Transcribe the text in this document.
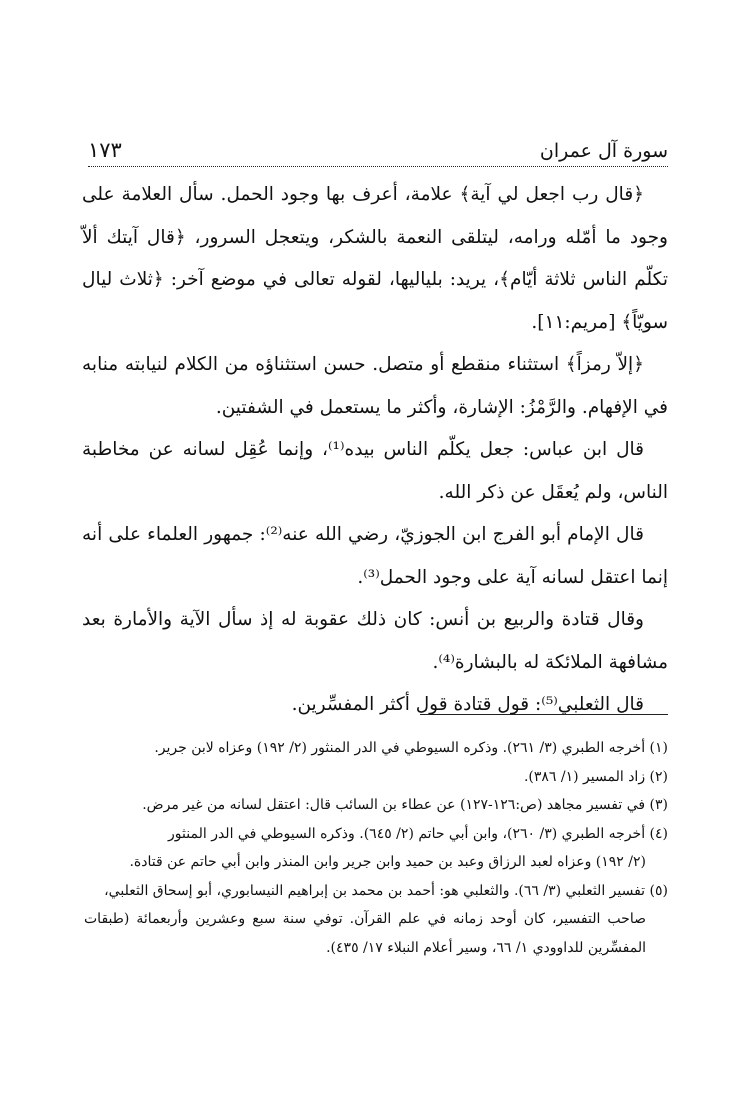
سورة آل عمران
١٧٣

﴿قال رب اجعل لي آية﴾ علامة، أعرف بها وجود الحمل. سأل العلامة على وجود ما أمّله ورامه، ليتلقى النعمة بالشكر، ويتعجل السرور، ﴿قال آيتك ألاّ تكلّم الناس ثلاثة أيّام﴾، يريد: بلياليها، لقوله تعالى في موضع آخر: ﴿ثلاث ليال سويّاً﴾ [مريم:١١].

﴿إلاّ رمزاً﴾ استثناء منقطع أو متصل. حسن استثناؤه من الكلام لنيابته منابه في الإفهام. والرَّمْزُ: الإشارة، وأكثر ما يستعمل في الشفتين.

قال ابن عباس: جعل يكلّم الناس بيده⁽¹⁾، وإنما عُقِل لسانه عن مخاطبة الناس، ولم يُعقَل عن ذكر الله.

قال الإمام أبو الفرج ابن الجوزيّ، رضي الله عنه⁽²⁾: جمهور العلماء على أنه إنما اعتقل لسانه آية على وجود الحمل⁽³⁾.

وقال قتادة والربيع بن أنس: كان ذلك عقوبة له إذ سأل الآية والأمارة بعد مشافهة الملائكة له بالبشارة⁽⁴⁾.

قال الثعلبي⁽⁵⁾: قول قتادة قول أكثر المفسِّرين.

(١) أخرجه الطبري (٣/ ٢٦١). وذكره السيوطي في الدر المنثور (٢/ ١٩٢) وعزاه لابن جرير.

(٢) زاد المسير (١/ ٣٨٦).

(٣) في تفسير مجاهد (ص:١٢٦-١٢٧) عن عطاء بن السائب قال: اعتقل لسانه من غير مرض.

(٤) أخرجه الطبري (٣/ ٢٦٠)، وابن أبي حاتم (٢/ ٦٤٥). وذكره السيوطي في الدر المنثور

(٢/ ١٩٢) وعزاه لعبد الرزاق وعبد بن حميد وابن جرير وابن المنذر وابن أبي حاتم عن قتادة.

(٥) تفسير الثعلبي (٣/ ٦٦). والثعلبي هو: أحمد بن محمد بن إبراهيم النيسابوري، أبو إسحاق الثعلبي،

صاحب التفسير، كان أوحد زمانه في علم القرآن. توفي سنة سبع وعشرين وأربعمائة (طبقات المفسِّرين للداوودي ١/ ٦٦، وسير أعلام النبلاء ١٧/ ٤٣٥).
